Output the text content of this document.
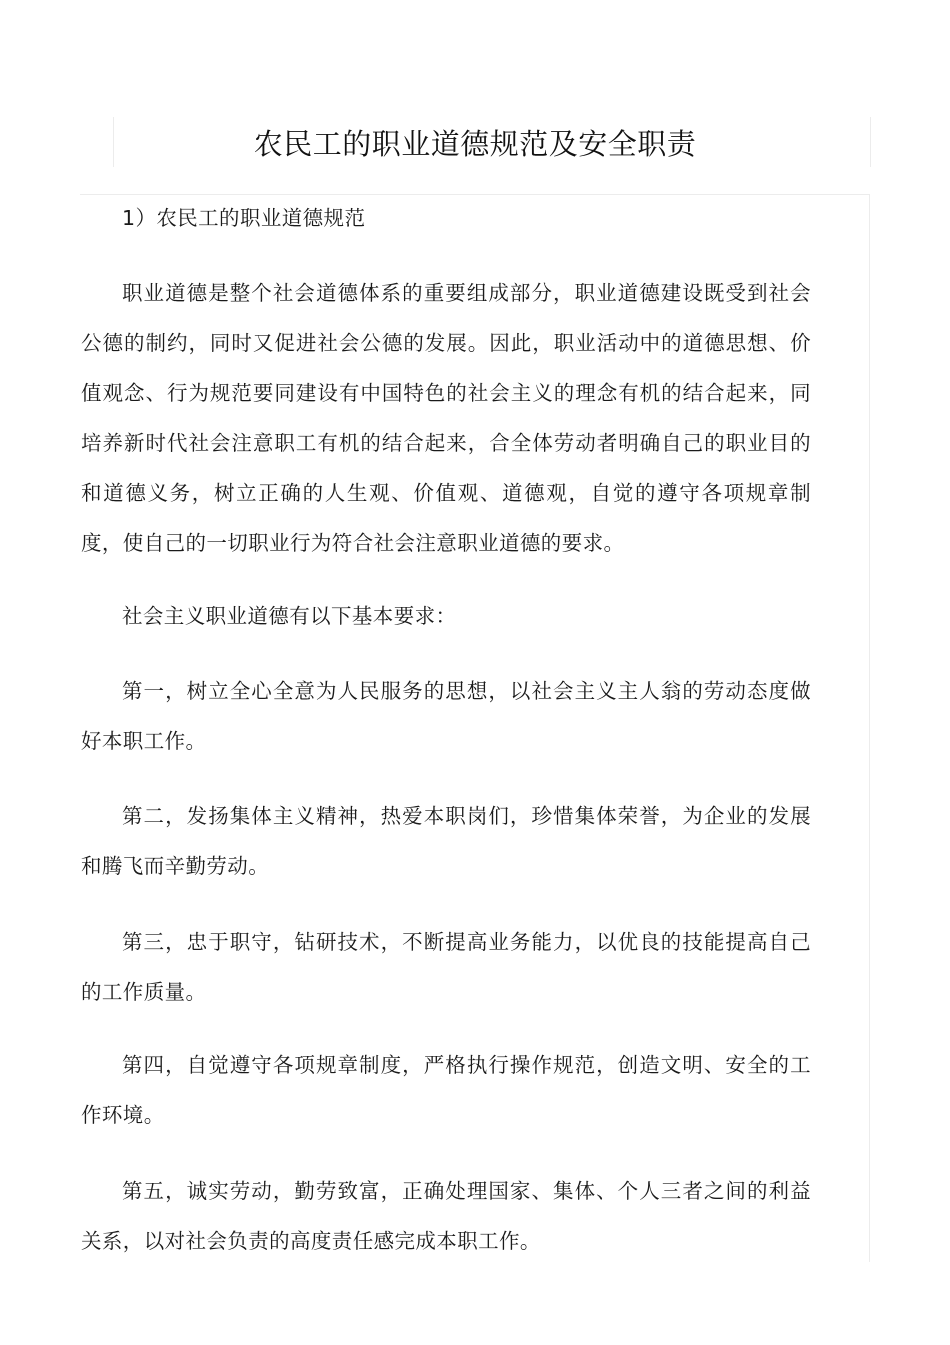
农民工的职业道德规范及安全职责

1）农民工的职业道德规范

职业道德是整个社会道德体系的重要组成部分，职业道德建设既受到社会公德的制约，同时又促进社会公德的发展。因此，职业活动中的道德思想、价值观念、行为规范要同建设有中国特色的社会主义的理念有机的结合起来，同培养新时代社会注意职工有机的结合起来，合全体劳动者明确自己的职业目的和道德义务，树立正确的人生观、价值观、道德观，自觉的遵守各项规章制度，使自己的一切职业行为符合社会注意职业道德的要求。

社会主义职业道德有以下基本要求：

第一，树立全心全意为人民服务的思想，以社会主义主人翁的劳动态度做好本职工作。

第二，发扬集体主义精神，热爱本职岗们，珍惜集体荣誉，为企业的发展和腾飞而辛勤劳动。

第三，忠于职守，钻研技术，不断提高业务能力，以优良的技能提高自己的工作质量。

第四，自觉遵守各项规章制度，严格执行操作规范，创造文明、安全的工作环境。

第五，诚实劳动，勤劳致富，正确处理国家、集体、个人三者之间的利益关系，以对社会负责的高度责任感完成本职工作。
